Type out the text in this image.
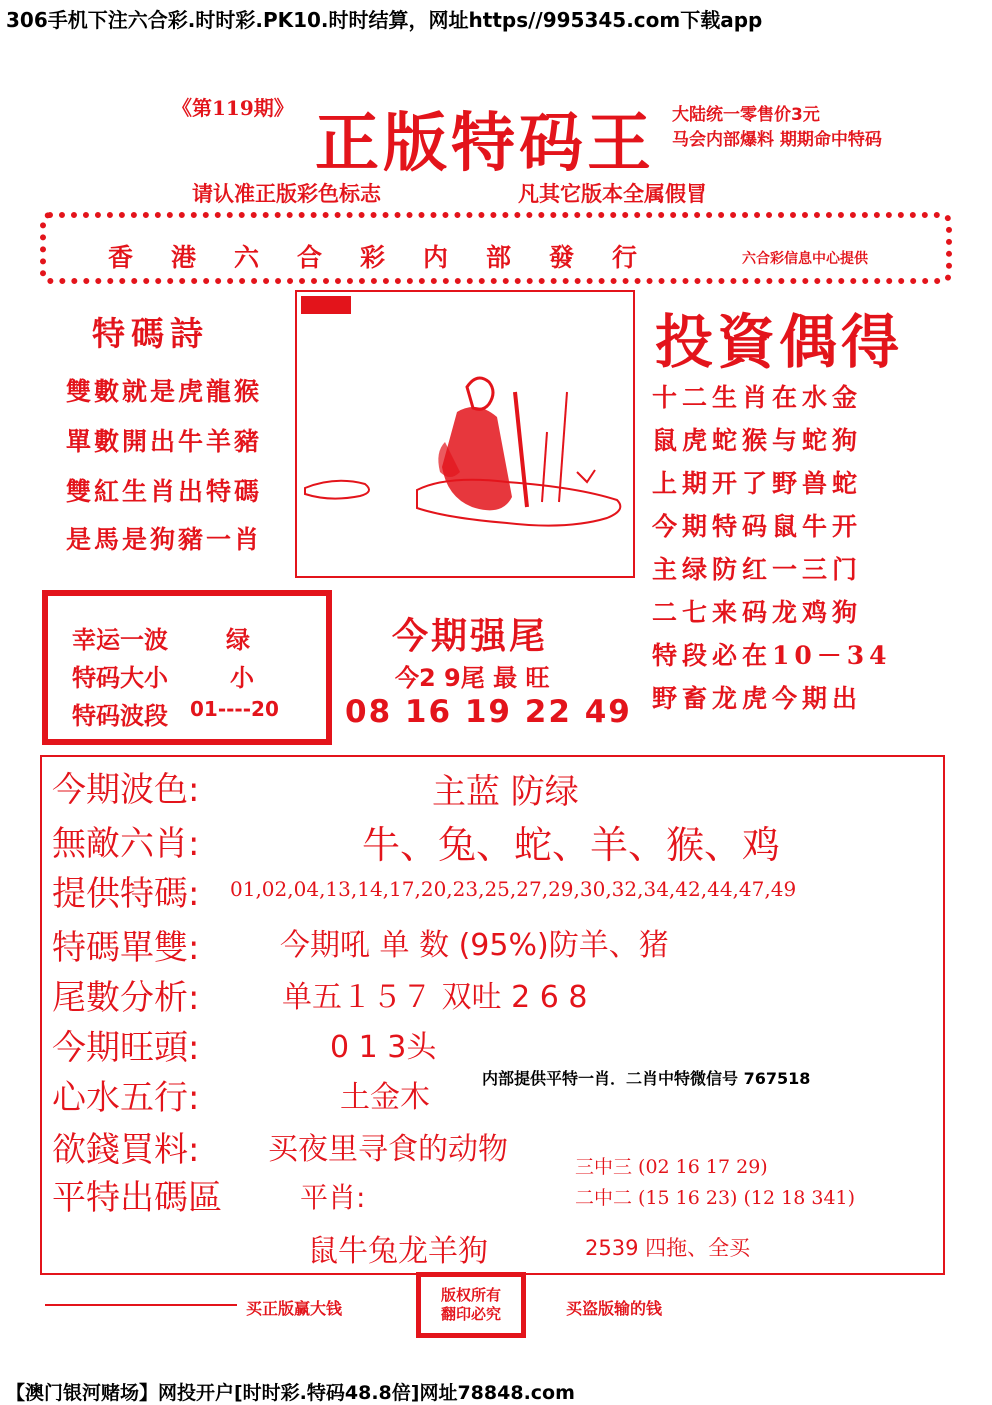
306手机下注六合彩.时时彩.PK10.时时结算，网址https//995345.com下载app
《第119期》 正版特码王 大陆统一零售价3元
马会内部爆料 期期命中特码
请认准正版彩色标志	凡其它版本全属假冒
香港六合彩内部發行	六合彩信息中心提供
特碼詩
雙數就是虎龍猴
單數開出牛羊豬
雙紅生肖出特碼
是馬是狗豬一肖
投資偶得
十二生肖在水金
鼠虎蛇猴与蛇狗
上期开了野兽蛇
今期特码鼠牛开
主绿防红一三门
二七来码龙鸡狗
特段必在10－34
野畜龙虎今期出
幸运一波 绿
特码大小	小
特码波段 01----20
今期强尾
今2 9尾 最 旺
08 16 19 22 49
今期波色:	主蓝 防绿
無敵六肖:	牛、兔、蛇、羊、猴、鸡
提供特碼: 01,02,04,13,14,17,20,23,25,27,29,30,32,34,42,44,47,49
特碼單雙:	今期吼 单 数 (95%)防羊、猪
尾數分析:	单五１５７ 双吐 2 6 8
今期旺頭:	0 1 3头
心水五行:	土金木
内部提供平特一肖．二肖中特微信号 767518
欲錢買料: 买夜里寻食的动物
平特出碼區	平肖:
鼠牛兔龙羊狗
三中三 (02 16 17 29)
二中二 (15 16 23) (12 18 341)
2539 四拖、全买
买正版赢大钱
版权所有
翻印必究	买盗版输的钱
【澳门银河赌场】网投开户[时时彩.特码48.8倍]网址78848.com
